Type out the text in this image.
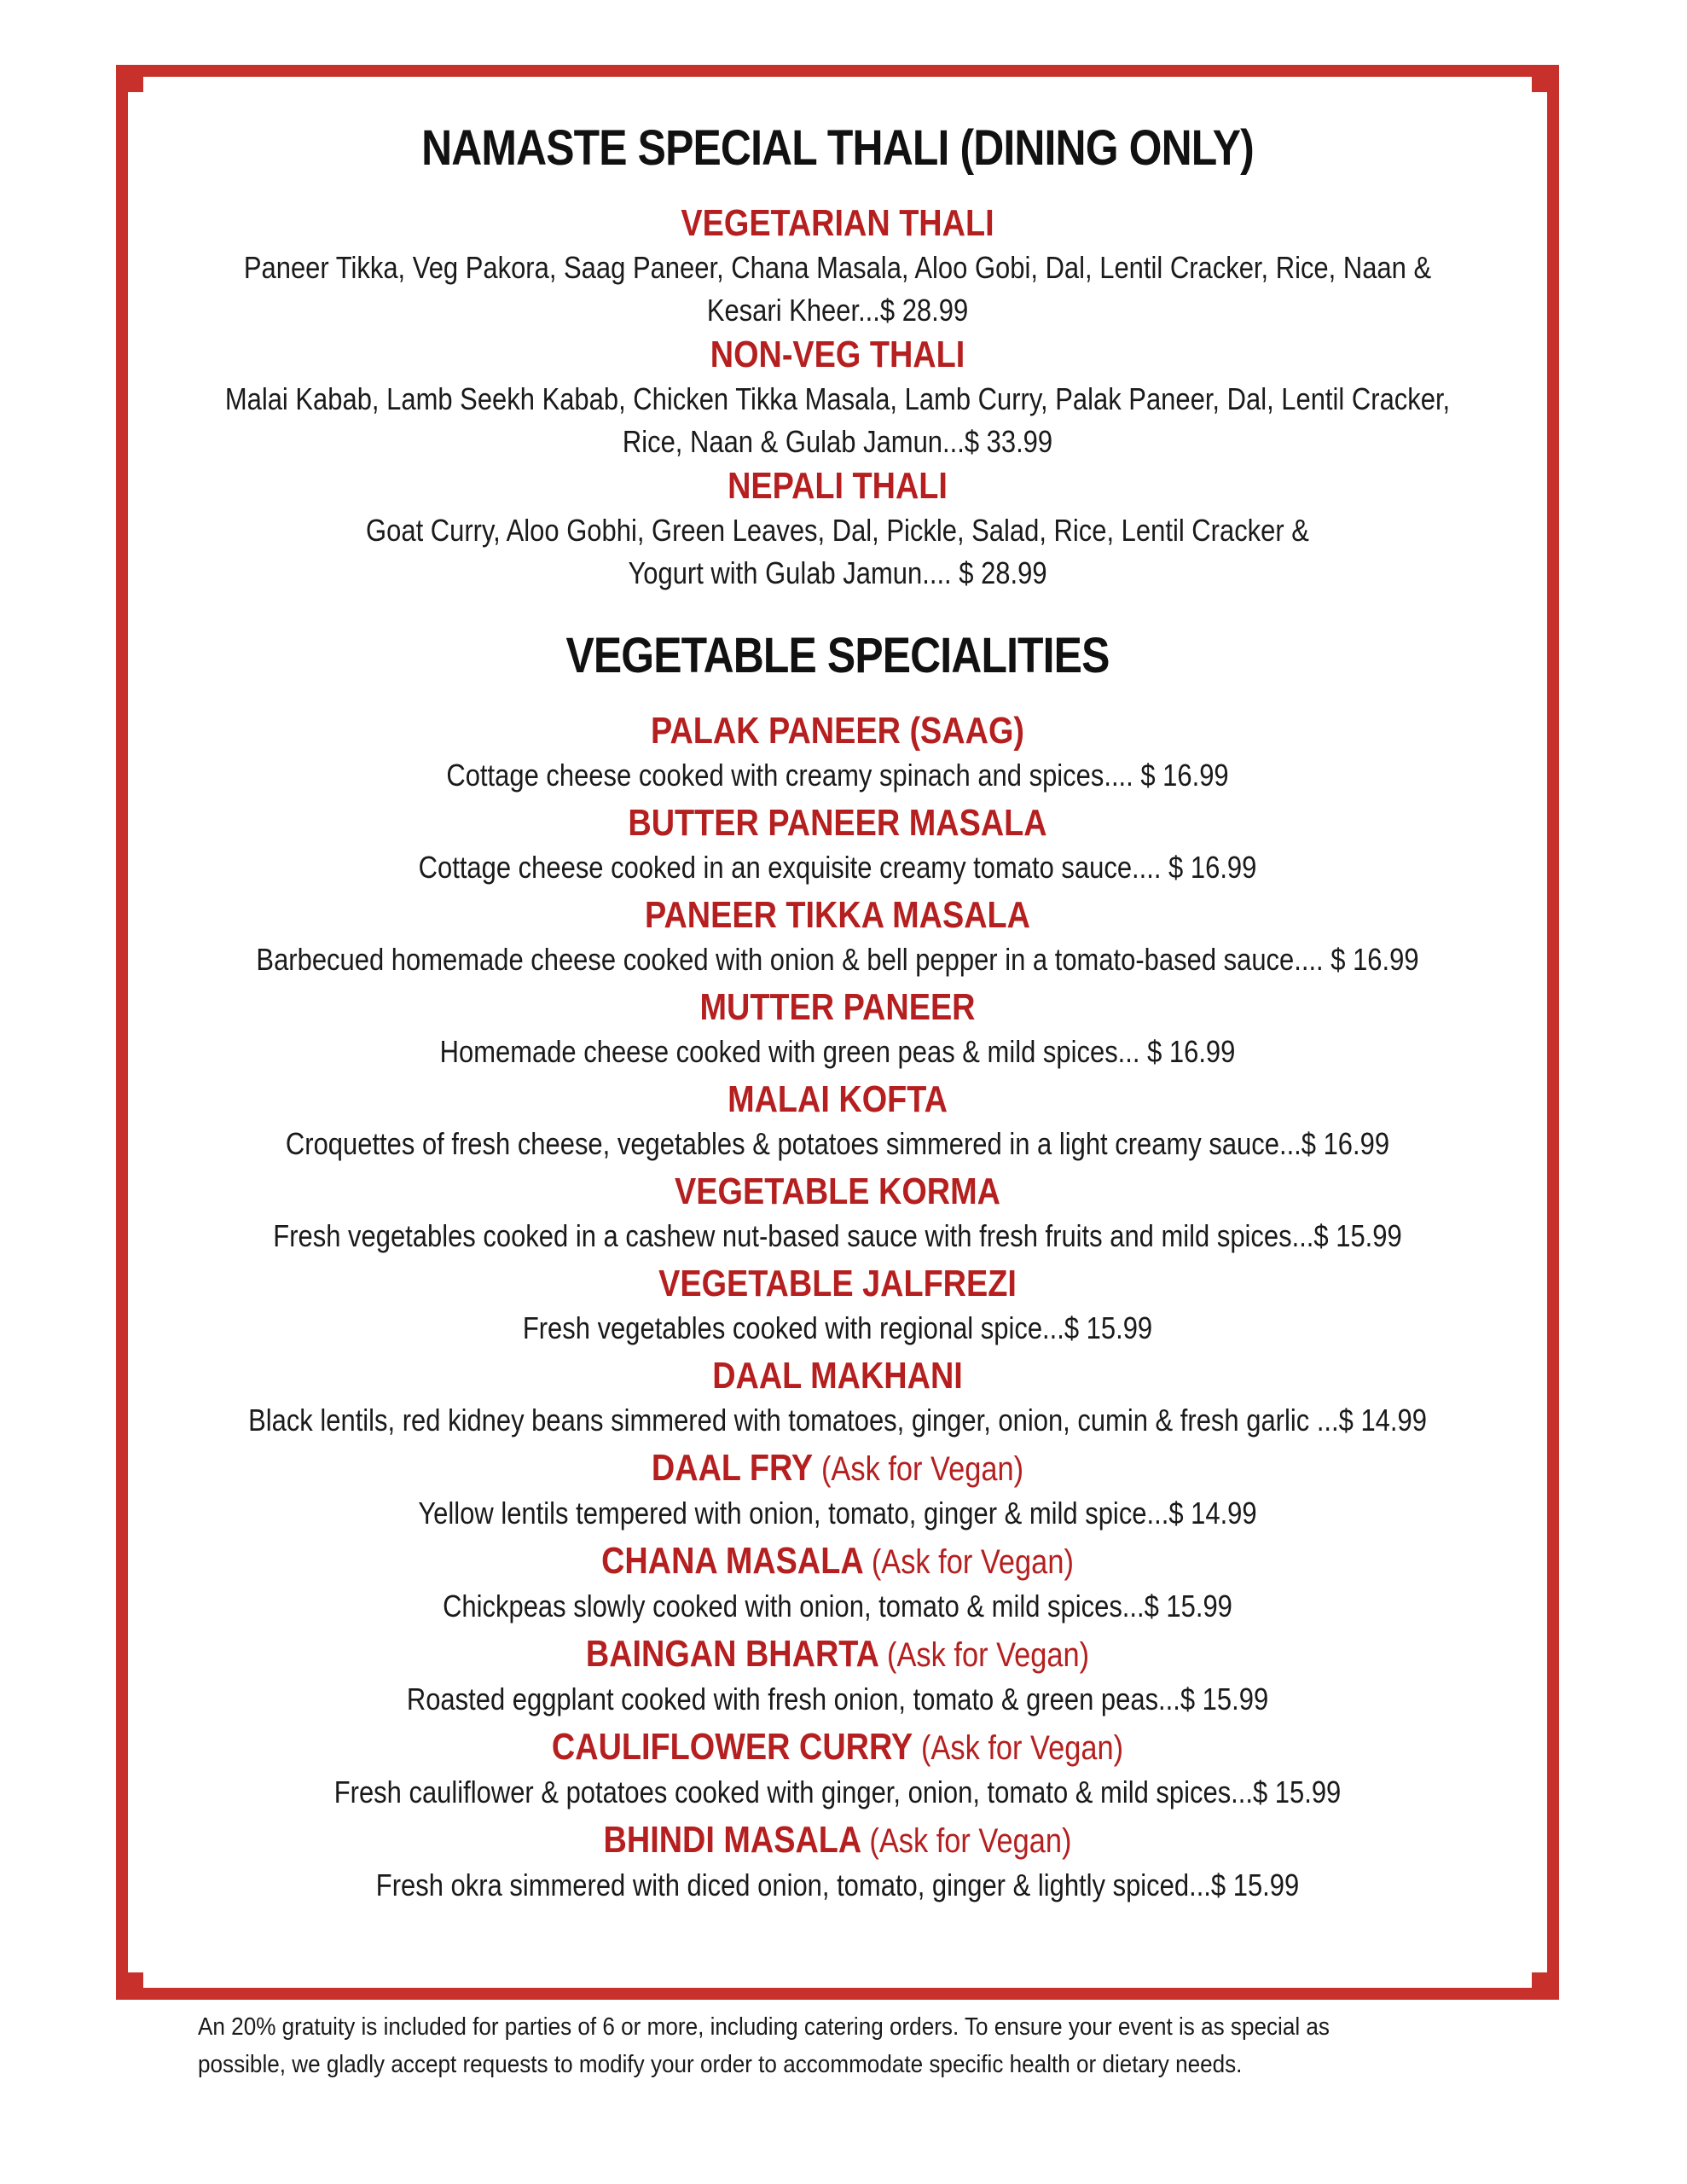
NAMASTE SPECIAL THALI (DINING ONLY)

VEGETARIAN THALI

Paneer Tikka, Veg Pakora, Saag Paneer, Chana Masala, Aloo Gobi, Dal, Lentil Cracker, Rice, Naan & Kesari Kheer...$ 28.99

NON-VEG THALI

Malai Kabab, Lamb Seekh Kabab, Chicken Tikka Masala, Lamb Curry, Palak Paneer, Dal, Lentil Cracker, Rice, Naan & Gulab Jamun...$ 33.99

NEPALI THALI

Goat Curry, Aloo Gobhi, Green Leaves, Dal, Pickle, Salad, Rice, Lentil Cracker & Yogurt with Gulab Jamun.... $ 28.99

VEGETABLE SPECIALITIES

PALAK PANEER (SAAG)

Cottage cheese cooked with creamy spinach and spices.... $ 16.99

BUTTER PANEER MASALA

Cottage cheese cooked in an exquisite creamy tomato sauce.... $ 16.99

PANEER TIKKA MASALA

Barbecued homemade cheese cooked with onion & bell pepper in a tomato-based sauce.... $ 16.99

MUTTER PANEER

Homemade cheese cooked with green peas & mild spices... $ 16.99

MALAI KOFTA

Croquettes of fresh cheese, vegetables & potatoes simmered in a light creamy sauce...$ 16.99

VEGETABLE KORMA

Fresh vegetables cooked in a cashew nut-based sauce with fresh fruits and mild spices...$ 15.99

VEGETABLE JALFREZI

Fresh vegetables cooked with regional spice...$ 15.99

DAAL MAKHANI

Black lentils, red kidney beans simmered with tomatoes, ginger, onion, cumin & fresh garlic ...$ 14.99

DAAL FRY (Ask for Vegan)

Yellow lentils tempered with onion, tomato, ginger & mild spice...$ 14.99

CHANA MASALA (Ask for Vegan)

Chickpeas slowly cooked with onion, tomato & mild spices...$ 15.99

BAINGAN BHARTA (Ask for Vegan)

Roasted eggplant cooked with fresh onion, tomato & green peas...$ 15.99

CAULIFLOWER CURRY (Ask for Vegan)

Fresh cauliflower & potatoes cooked with ginger, onion, tomato & mild spices...$ 15.99

BHINDI MASALA (Ask for Vegan)

Fresh okra simmered with diced onion, tomato, ginger & lightly spiced...$ 15.99

An 20% gratuity is included for parties of 6 or more, including catering orders. To ensure your event is as special as possible, we gladly accept requests to modify your order to accommodate specific health or dietary needs.
